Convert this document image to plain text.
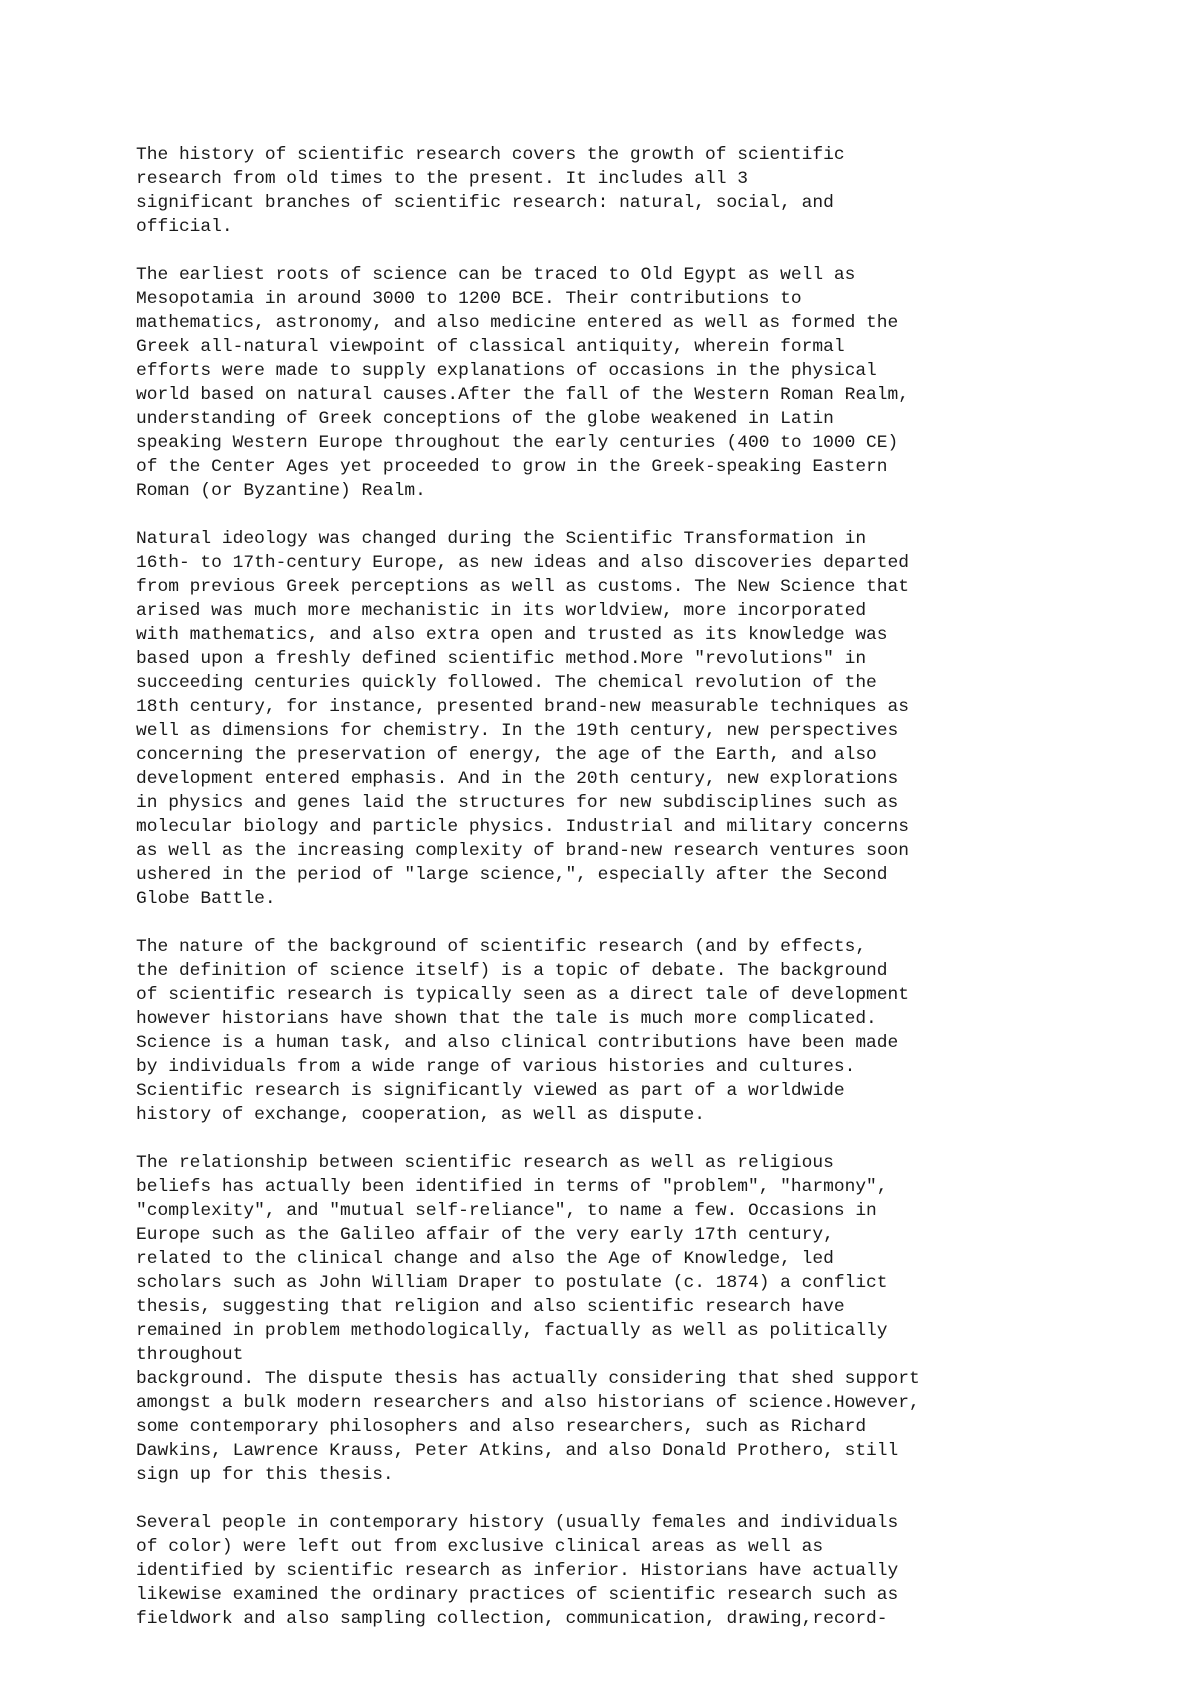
The history of scientific research covers the growth of scientific
research from old times to the present. It includes all 3
significant branches of scientific research: natural, social, and
official.

The earliest roots of science can be traced to Old Egypt as well as
Mesopotamia in around 3000 to 1200 BCE. Their contributions to
mathematics, astronomy, and also medicine entered as well as formed the
Greek all-natural viewpoint of classical antiquity, wherein formal
efforts were made to supply explanations of occasions in the physical
world based on natural causes.After the fall of the Western Roman Realm,
understanding of Greek conceptions of the globe weakened in Latin
speaking Western Europe throughout the early centuries (400 to 1000 CE)
of the Center Ages yet proceeded to grow in the Greek-speaking Eastern
Roman (or Byzantine) Realm.

Natural ideology was changed during the Scientific Transformation in
16th- to 17th-century Europe, as new ideas and also discoveries departed
from previous Greek perceptions as well as customs. The New Science that
arised was much more mechanistic in its worldview, more incorporated
with mathematics, and also extra open and trusted as its knowledge was
based upon a freshly defined scientific method.More "revolutions" in
succeeding centuries quickly followed. The chemical revolution of the
18th century, for instance, presented brand-new measurable techniques as
well as dimensions for chemistry. In the 19th century, new perspectives
concerning the preservation of energy, the age of the Earth, and also
development entered emphasis. And in the 20th century, new explorations
in physics and genes laid the structures for new subdisciplines such as
molecular biology and particle physics. Industrial and military concerns
as well as the increasing complexity of brand-new research ventures soon
ushered in the period of "large science,", especially after the Second
Globe Battle.

The nature of the background of scientific research (and by effects,
the definition of science itself) is a topic of debate. The background
of scientific research is typically seen as a direct tale of development
however historians have shown that the tale is much more complicated.
Science is a human task, and also clinical contributions have been made
by individuals from a wide range of various histories and cultures.
Scientific research is significantly viewed as part of a worldwide
history of exchange, cooperation, as well as dispute.

The relationship between scientific research as well as religious
beliefs has actually been identified in terms of "problem", "harmony",
"complexity", and "mutual self-reliance", to name a few. Occasions in
Europe such as the Galileo affair of the very early 17th century,
related to the clinical change and also the Age of Knowledge, led
scholars such as John William Draper to postulate (c. 1874) a conflict
thesis, suggesting that religion and also scientific research have
remained in problem methodologically, factually as well as politically
throughout
background. The dispute thesis has actually considering that shed support
amongst a bulk modern researchers and also historians of science.However,
some contemporary philosophers and also researchers, such as Richard
Dawkins, Lawrence Krauss, Peter Atkins, and also Donald Prothero, still
sign up for this thesis.

Several people in contemporary history (usually females and individuals
of color) were left out from exclusive clinical areas as well as
identified by scientific research as inferior. Historians have actually
likewise examined the ordinary practices of scientific research such as
fieldwork and also sampling collection, communication, drawing,record-
